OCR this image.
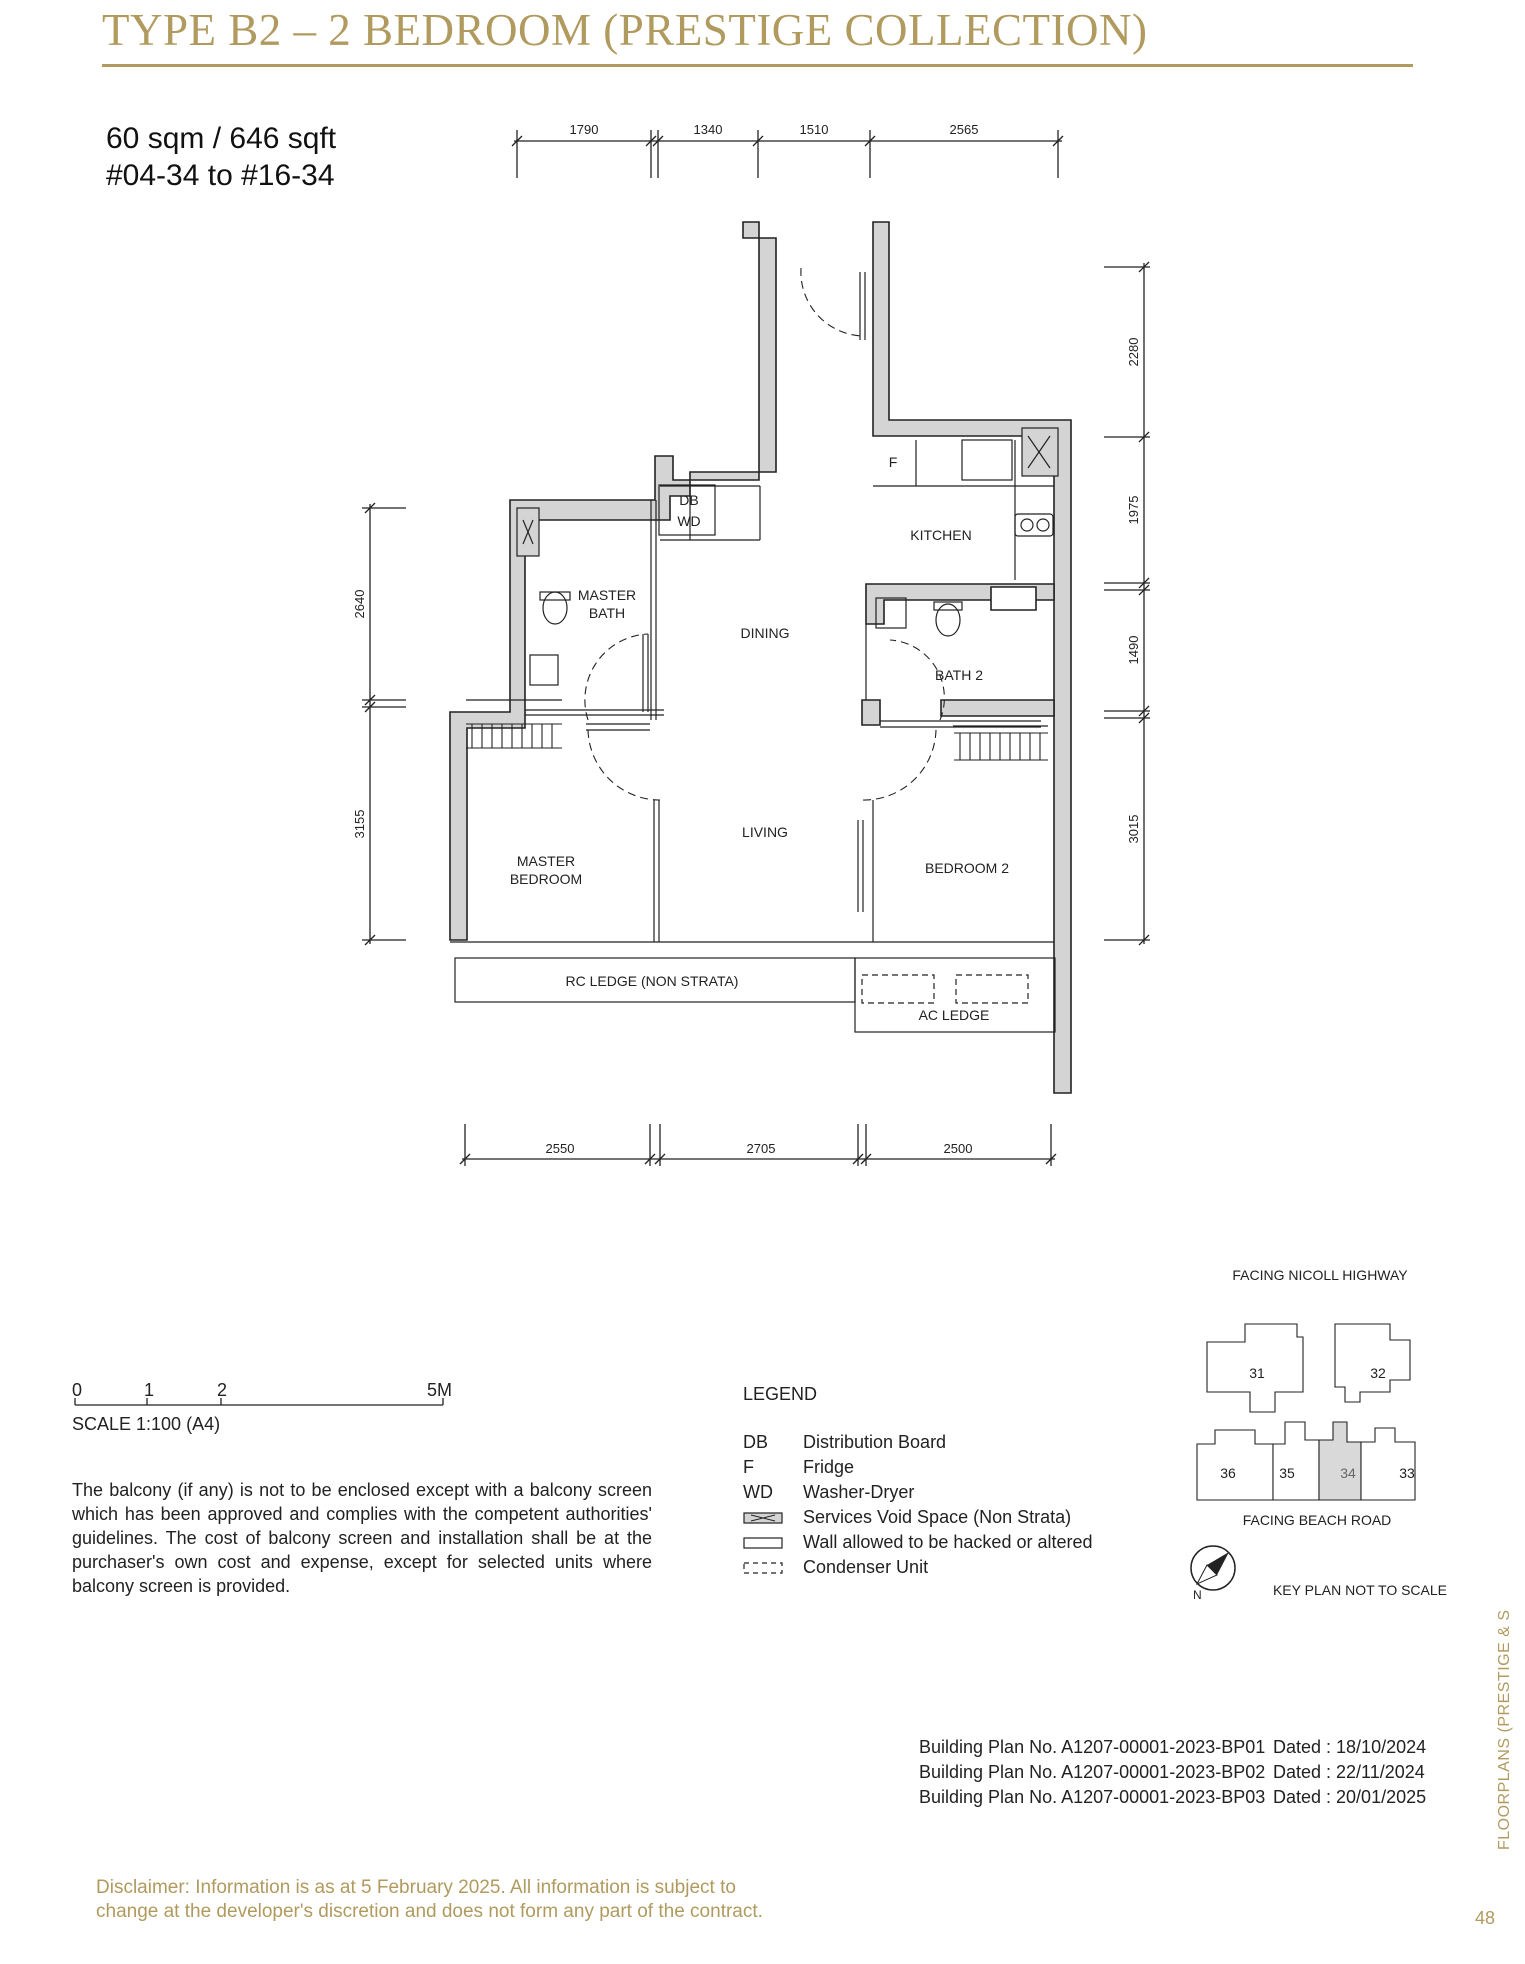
TYPE B2 – 2 BEDROOM (PRESTIGE COLLECTION)
60 sqm / 646 sqft
#04-34 to #16-34
1790	1340	1510	2565
2550	2705	2500
2640
3155
2280
1975
1490
3015
KITCHEN
DINING
LIVING
MASTER
BATH
MASTER
BEDROOM
BATH 2
BEDROOM 2
RC LEDGE (NON STRATA)
AC LEDGE
DB
WD
F
0	1	2	5M
SCALE 1:100 (A4)
The balcony (if any) is not to be enclosed except with a balcony screen which has been approved and complies with the competent authorities' guidelines. The cost of balcony screen and installation shall be at the purchaser's own cost and expense, except for selected units where balcony screen is provided.
LEGEND
DB	Distribution Board
F	Fridge
WD	Washer-Dryer
Services Void Space (Non Strata)
Wall allowed to be hacked or altered
Condenser Unit
FACING NICOLL HIGHWAY
31	32
36	35	34	33
FACING BEACH ROAD
N	KEY PLAN NOT TO SCALE
Building Plan No. A1207-00001-2023-BP01 Dated : 18/10/2024
Building Plan No. A1207-00001-2023-BP02 Dated : 22/11/2024
Building Plan No. A1207-00001-2023-BP03 Dated : 20/01/2025
Disclaimer: Information is as at 5 February 2025. All information is subject to
change at the developer's discretion and does not form any part of the contract.
FLOORPLANS (PRESTIGE & S
48
